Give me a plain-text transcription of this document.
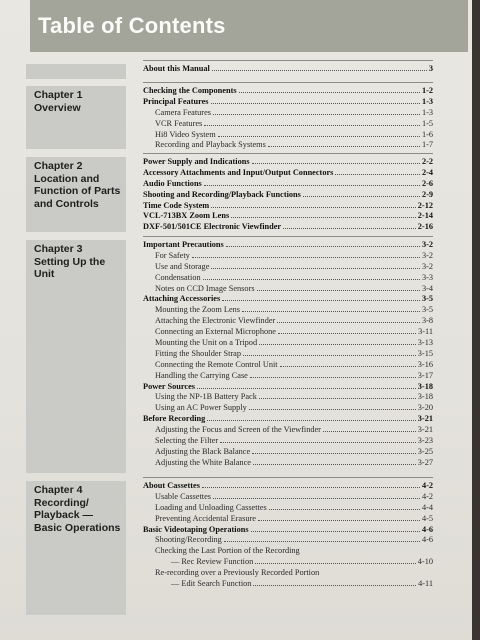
Table of Contents
About this Manual	3
Chapter 1
Overview
Checking the Components	1-2
Principal Features	1-3
Camera Features	1-3
VCR Features	1-5
Hi8 Video System	1-6
Recording and Playback Systems	1-7
Chapter 2
Location and
Function of Parts
and Controls
Power Supply and Indications	2-2
Accessory Attachments and Input/Output Connectors	2-4
Audio Functions	2-6
Shooting and Recording/Playback Functions	2-9
Time Code System	2-12
VCL-713BX Zoom Lens	2-14
DXF-501/501CE Electronic Viewfinder	2-16
Chapter 3
Setting Up the
Unit
Important Precautions	3-2
For Safety	3-2
Use and Storage	3-2
Condensation	3-3
Notes on CCD Image Sensors	3-4
Attaching Accessories	3-5
Mounting the Zoom Lens	3-5
Attaching the Electronic Viewfinder	3-8
Connecting an External Microphone	3-11
Mounting the Unit on a Tripod	3-13
Fitting the Shoulder Strap	3-15
Connecting the Remote Control Unit	3-16
Handling the Carrying Case	3-17
Power Sources	3-18
Using the NP-1B Battery Pack	3-18
Using an AC Power Supply	3-20
Before Recording	3-21
Adjusting the Focus and Screen of the Viewfinder	3-21
Selecting the Filter	3-23
Adjusting the Black Balance	3-25
Adjusting the White Balance	3-27
Chapter 4
Recording/
Playback —
Basic Operations
About Cassettes	4-2
Usable Cassettes	4-2
Loading and Unloading Cassettes	4-4
Preventing Accidental Erasure	4-5
Basic Videotaping Operations	4-6
Shooting/Recording	4-6
Checking the Last Portion of the Recording
— Rec Review Function	4-10
Re-recording over a Previously Recorded Portion
— Edit Search Function	4-11
